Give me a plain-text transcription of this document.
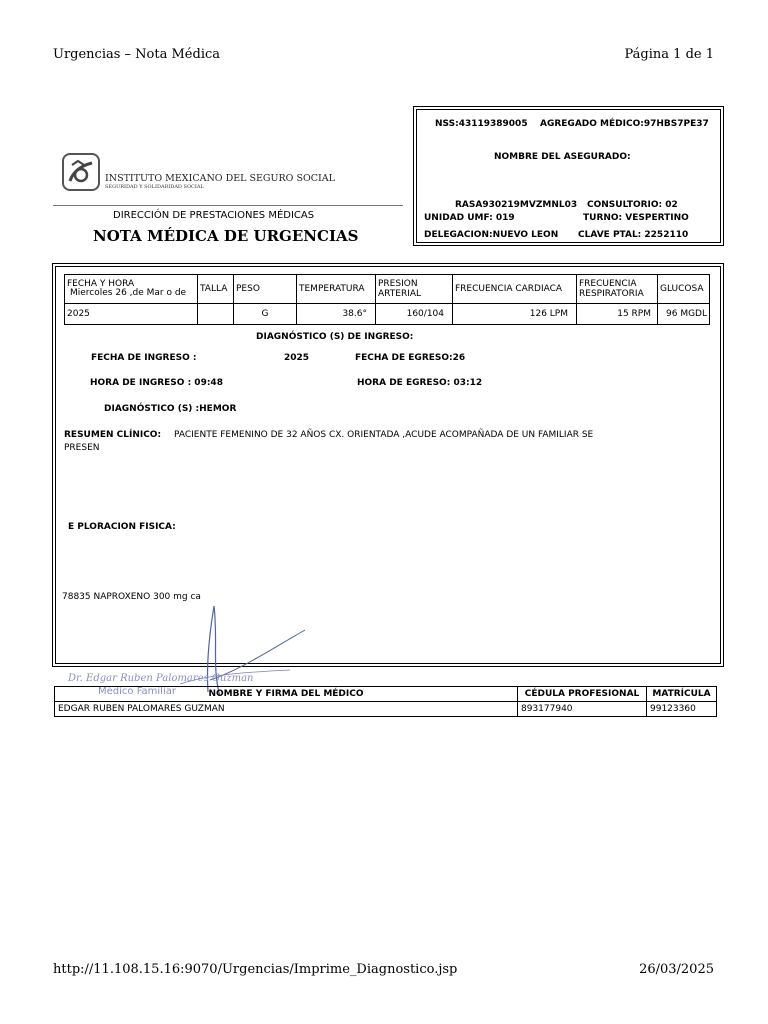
Urgencias – Nota Médica	Página 1 de 1
INSTITUTO MEXICANO DEL SEGURO SOCIAL
SEGURIDAD Y SOLIDARIDAD SOCIAL
DIRECCIÓN DE PRESTACIONES MÉDICAS
NOTA MÉDICA DE URGENCIAS
NSS:43119389005 AGREGADO MÉDICO:97HBS7PE37
NOMBRE DEL ASEGURADO:
RASA930219MVZMNL03 CONSULTORIO: 02
UNIDAD UMF: 019	TURNO: VESPERTINO
DELEGACION:NUEVO LEON CLAVE PTAL: 2252110
FECHA Y HORA
Miercoles 26 ,de Mar o de	TALLA	PESO	TEMPERATURA	PRESION ARTERIAL	FRECUENCIA CARDIACA	FRECUENCIA RESPIRATORIA	GLUCOSA
2025		G	38.6°	160/104	126 LPM	15 RPM	96 MGDL
DIAGNÓSTICO (S) DE INGRESO:
FECHA DE INGRESO :	2025	FECHA DE EGRESO:26
HORA DE INGRESO : 09:48	HORA DE EGRESO: 03:12
DIAGNÓSTICO (S) :HEMOR
RESUMEN CLÍNICO: PACIENTE FEMENINO DE 32 AÑOS CX. ORIENTADA ,ACUDE ACOMPAÑADA DE UN FAMILIAR SE
PRESEN
E PLORACION FISICA:
78835 NAPROXENO 300 mg ca
Dr. Edgar Ruben Palomares Guzman
Médico Familiar	NOMBRE Y FIRMA DEL MÉDICO	CÉDULA PROFESIONAL	MATRÍCULA
EDGAR RUBEN PALOMARES GUZMAN	893177940	99123360
http://11.108.15.16:9070/Urgencias/Imprime_Diagnostico.jsp	26/03/2025
